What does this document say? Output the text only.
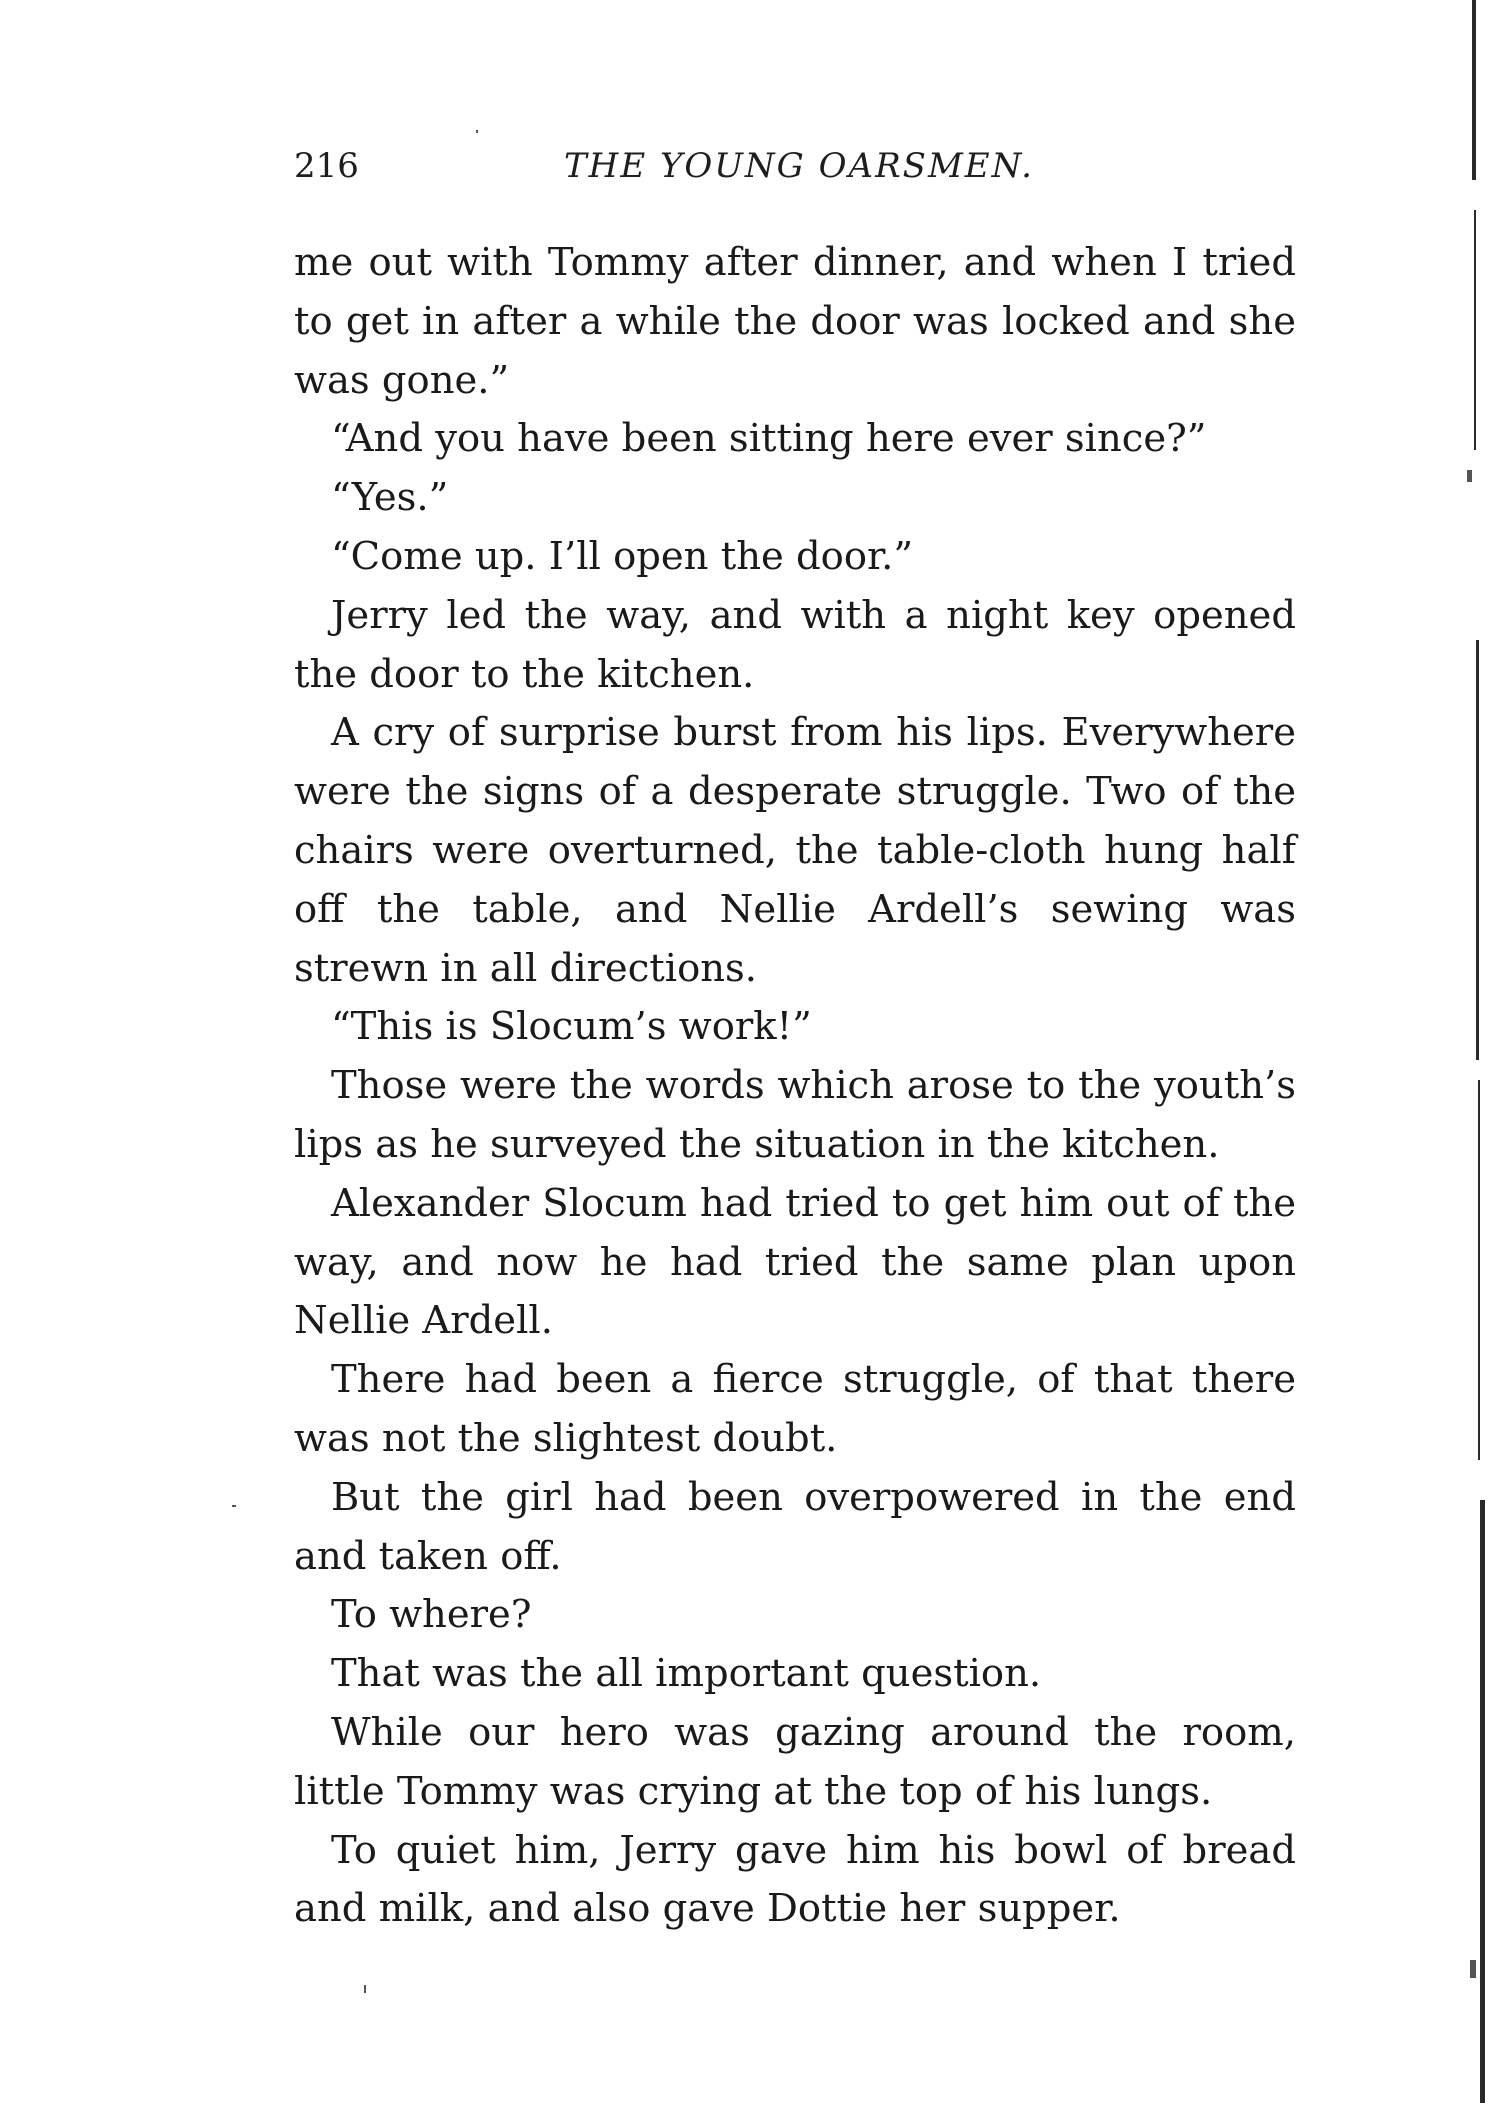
216	THE YOUNG OARSMEN.

me out with Tommy after dinner, and when I tried to get in after a while the door was locked and she was gone.”

“And you have been sitting here ever since?”

“Yes.”

“Come up. I’ll open the door.”

Jerry led the way, and with a night key opened the door to the kitchen.

A cry of surprise burst from his lips. Everywhere were the signs of a desperate struggle. Two of the chairs were overturned, the table-cloth hung half off the table, and Nellie Ardell’s sewing was strewn in all directions.

“This is Slocum’s work!”

Those were the words which arose to the youth’s lips as he surveyed the situation in the kitchen.

Alexander Slocum had tried to get him out of the way, and now he had tried the same plan upon Nellie Ardell.

There had been a fierce struggle, of that there was not the slightest doubt.

But the girl had been overpowered in the end and taken off.

To where?

That was the all important question.

While our hero was gazing around the room, little Tommy was crying at the top of his lungs.

To quiet him, Jerry gave him his bowl of bread and milk, and also gave Dottie her supper.
